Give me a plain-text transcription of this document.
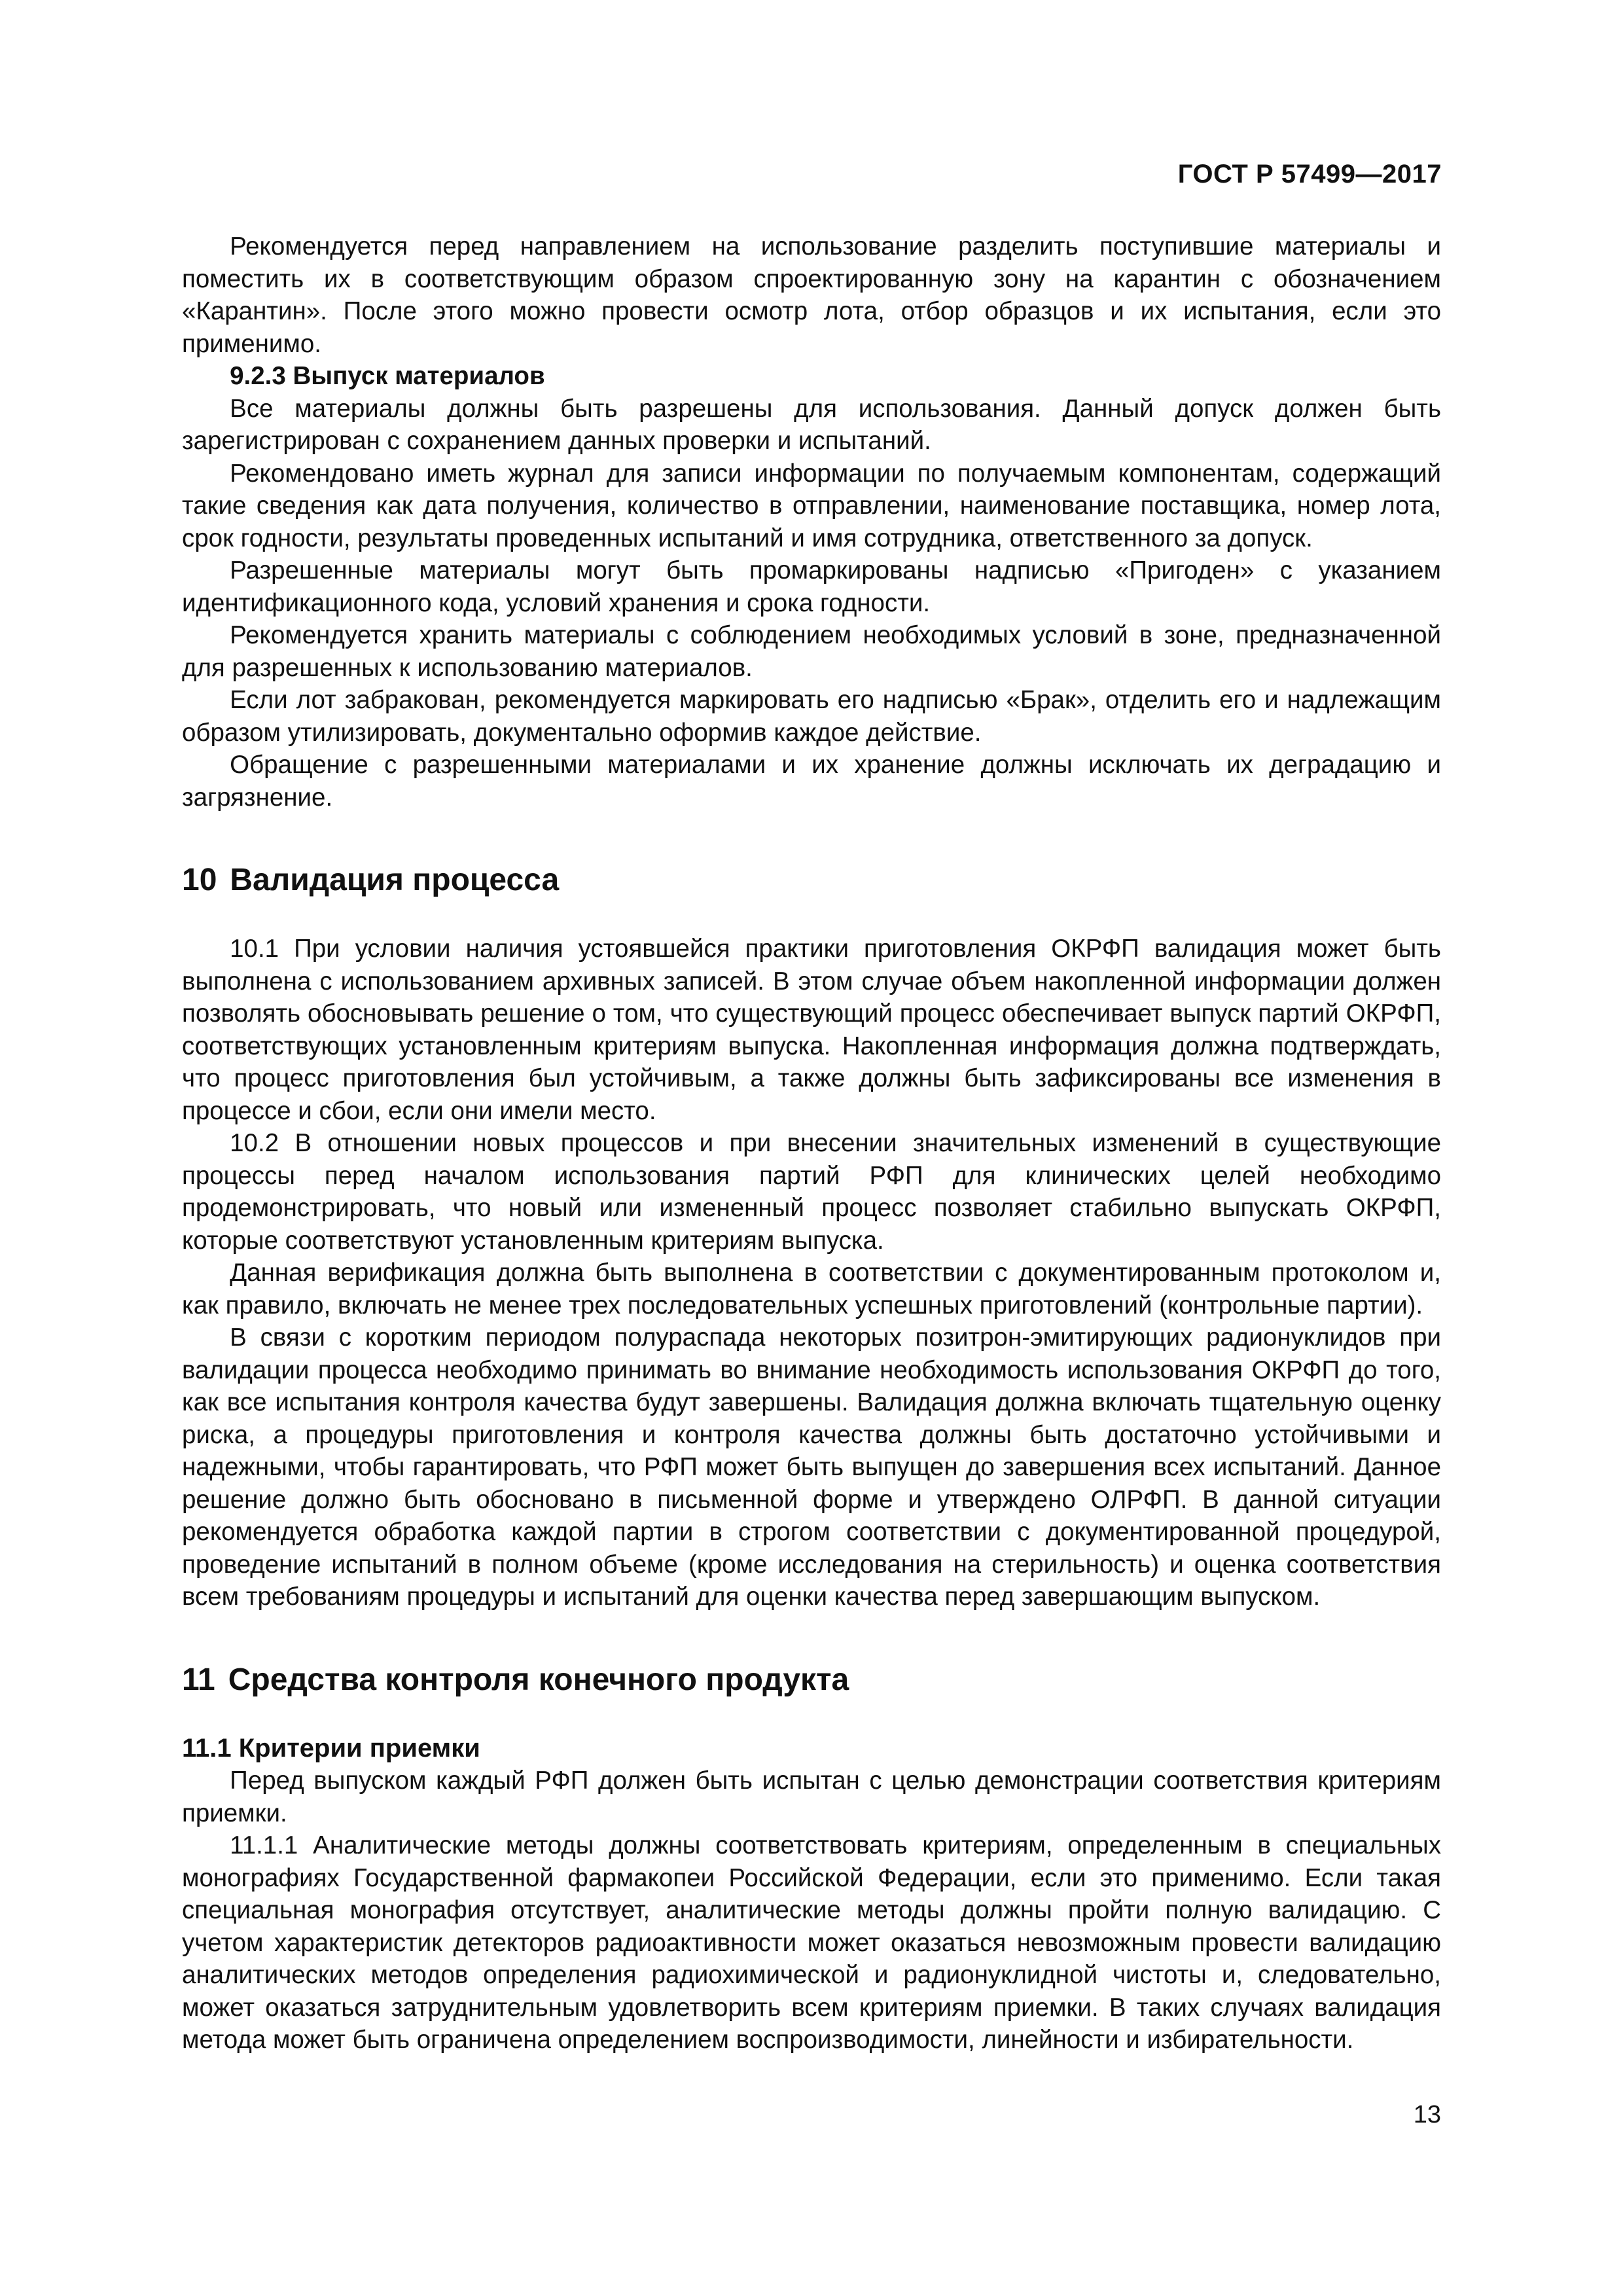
ГОСТ Р 57499—2017

Рекомендуется перед направлением на использование разделить поступившие материалы и поместить их в соответствующим образом спроектированную зону на карантин с обозначением «Карантин». После этого можно провести осмотр лота, отбор образцов и их испытания, если это применимо.

9.2.3 Выпуск материалов

Все материалы должны быть разрешены для использования. Данный допуск должен быть зарегистрирован с сохранением данных проверки и испытаний.

Рекомендовано иметь журнал для записи информации по получаемым компонентам, содержащий такие сведения как дата получения, количество в отправлении, наименование поставщика, номер лота, срок годности, результаты проведенных испытаний и имя сотрудника, ответственного за допуск.

Разрешенные материалы могут быть промаркированы надписью «Пригоден» с указанием идентификационного кода, условий хранения и срока годности.

Рекомендуется хранить материалы с соблюдением необходимых условий в зоне, предназначенной для разрешенных к использованию материалов.

Если лот забракован, рекомендуется маркировать его надписью «Брак», отделить его и надлежащим образом утилизировать, документально оформив каждое действие.

Обращение с разрешенными материалами и их хранение должны исключать их деградацию и загрязнение.

10 Валидация процесса

10.1 При условии наличия устоявшейся практики приготовления ОКРФП валидация может быть выполнена с использованием архивных записей. В этом случае объем накопленной информации должен позволять обосновывать решение о том, что существующий процесс обеспечивает выпуск партий ОКРФП, соответствующих установленным критериям выпуска. Накопленная информация должна подтверждать, что процесс приготовления был устойчивым, а также должны быть зафиксированы все изменения в процессе и сбои, если они имели место.

10.2 В отношении новых процессов и при внесении значительных изменений в существующие процессы перед началом использования партий РФП для клинических целей необходимо продемонстрировать, что новый или измененный процесс позволяет стабильно выпускать ОКРФП, которые соответствуют установленным критериям выпуска.

Данная верификация должна быть выполнена в соответствии с документированным протоколом и, как правило, включать не менее трех последовательных успешных приготовлений (контрольные партии).

В связи с коротким периодом полураспада некоторых позитрон-эмитирующих радионуклидов при валидации процесса необходимо принимать во внимание необходимость использования ОКРФП до того, как все испытания контроля качества будут завершены. Валидация должна включать тщательную оценку риска, а процедуры приготовления и контроля качества должны быть достаточно устойчивыми и надежными, чтобы гарантировать, что РФП может быть выпущен до завершения всех испытаний. Данное решение должно быть обосновано в письменной форме и утверждено ОЛРФП. В данной ситуации рекомендуется обработка каждой партии в строгом соответствии с документированной процедурой, проведение испытаний в полном объеме (кроме исследования на стерильность) и оценка соответствия всем требованиям процедуры и испытаний для оценки качества перед завершающим выпуском.

11 Средства контроля конечного продукта

11.1 Критерии приемки

Перед выпуском каждый РФП должен быть испытан с целью демонстрации соответствия критериям приемки.

11.1.1 Аналитические методы должны соответствовать критериям, определенным в специальных монографиях Государственной фармакопеи Российской Федерации, если это применимо. Если такая специальная монография отсутствует, аналитические методы должны пройти полную валидацию. С учетом характеристик детекторов радиоактивности может оказаться невозможным провести валидацию аналитических методов определения радиохимической и радионуклидной чистоты и, следовательно, может оказаться затруднительным удовлетворить всем критериям приемки. В таких случаях валидация метода может быть ограничена определением воспроизводимости, линейности и избирательности.

13
